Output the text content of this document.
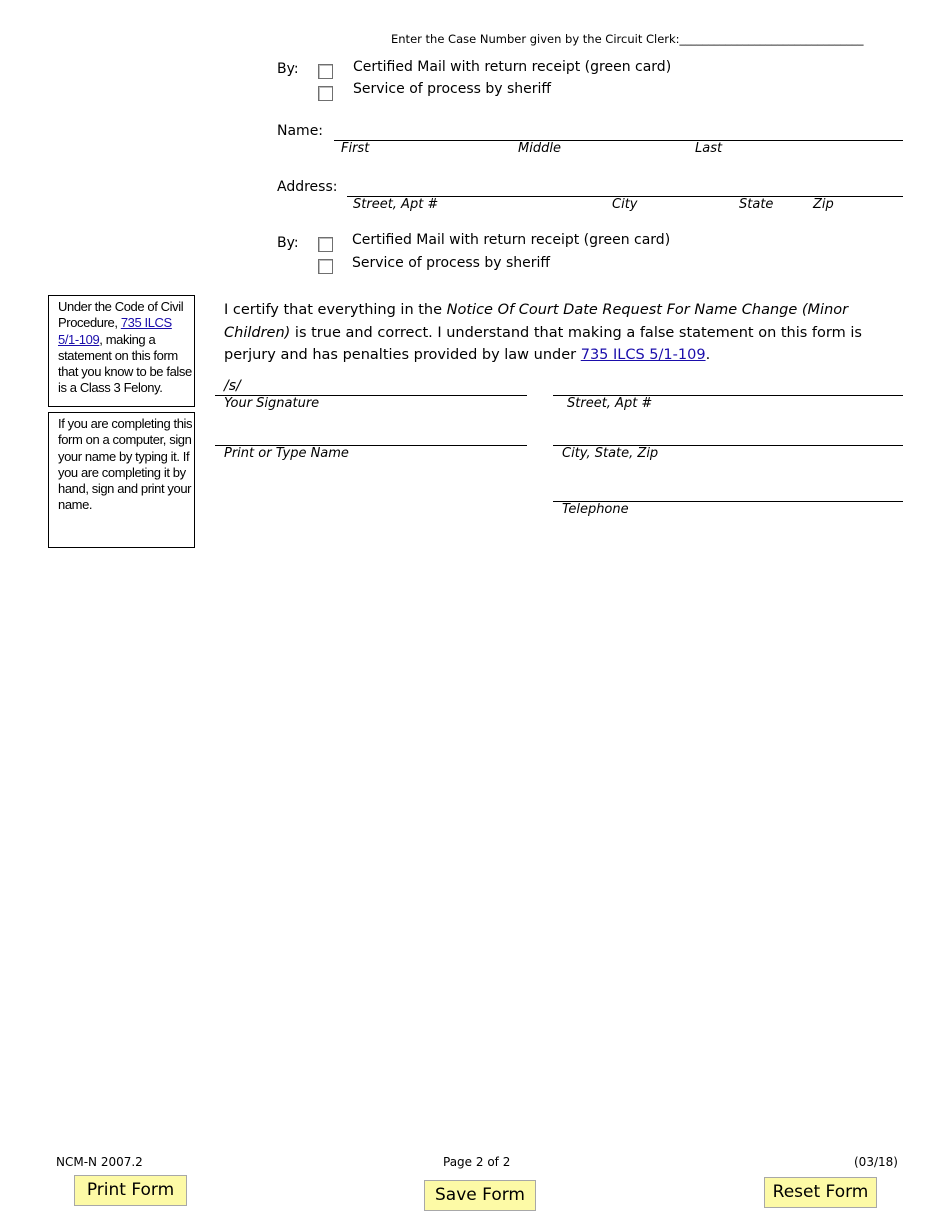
Enter the Case Number given by the Circuit Clerk:________________________________
By:	Certified Mail with return receipt (green card)
Service of process by sheriff
Name:
First	Middle	Last
Address:
Street, Apt #	City	State	Zip
By:	Certified Mail with return receipt (green card)
Service of process by sheriff
Under the Code of Civil Procedure, 735 ILCS 5/1-109, making a statement on this form that you know to be false is a Class 3 Felony.
If you are completing this form on a computer, sign your name by typing it. If you are completing it by hand, sign and print your name.
I certify that everything in the Notice Of Court Date Request For Name Change (Minor Children) is true and correct. I understand that making a false statement on this form is perjury and has penalties provided by law under 735 ILCS 5/1-109.
/s/
Your Signature
Print or Type Name
Street, Apt #
City, State, Zip
Telephone
NCM-N 2007.2	Page 2 of 2	(03/18)
Print Form	Save Form	Reset Form
